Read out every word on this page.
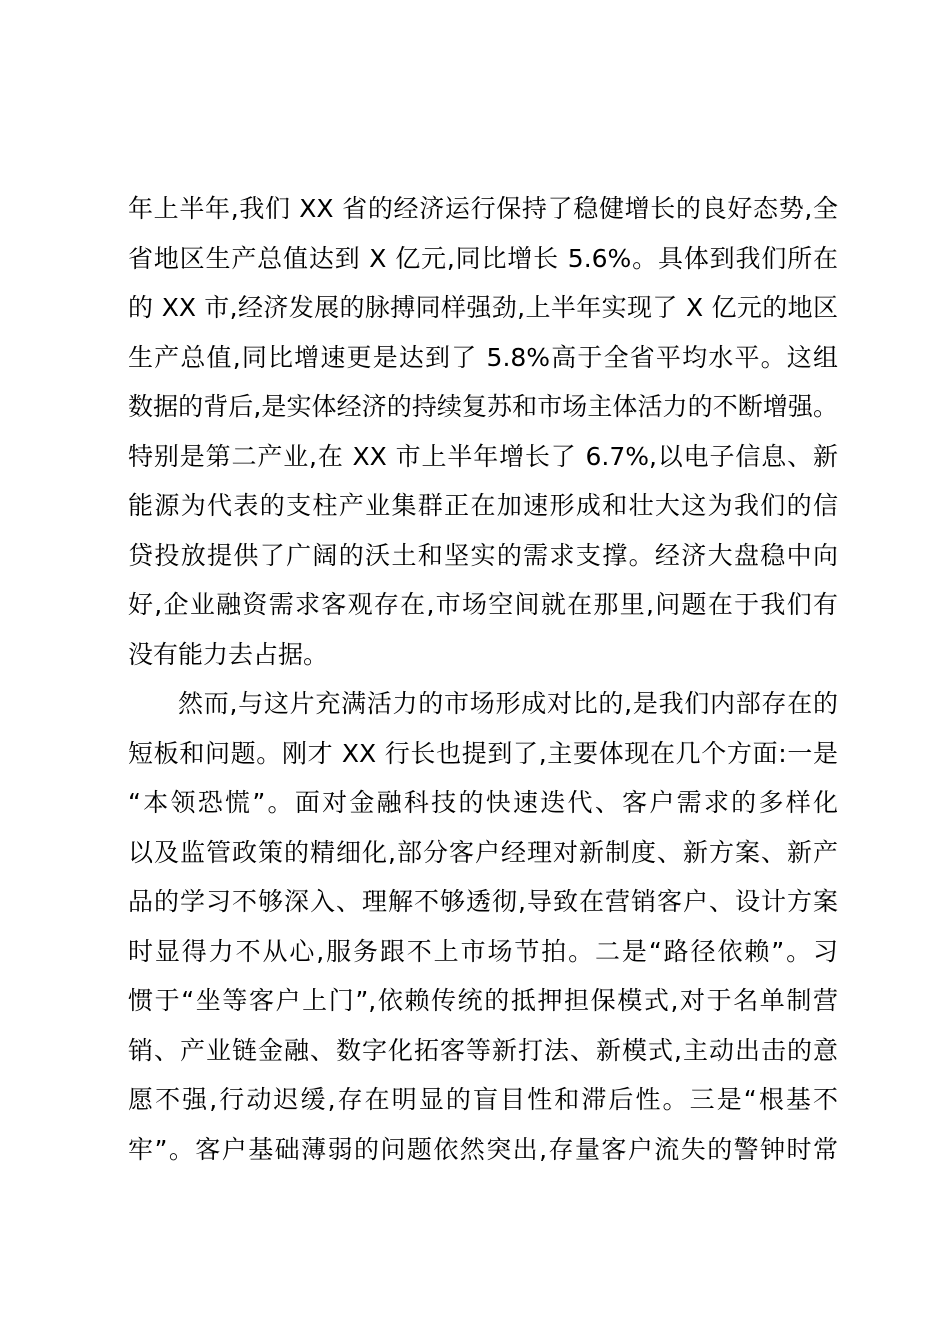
年上半年,我们 XX 省的经济运行保持了稳健增长的良好态势,全
省地区生产总值达到 X 亿元,同比增长 5.6%。具体到我们所在
的 XX 市,经济发展的脉搏同样强劲,上半年实现了 X 亿元的地区
生产总值,同比增速更是达到了 5.8%高于全省平均水平。这组
数据的背后,是实体经济的持续复苏和市场主体活力的不断增强。
特别是第二产业,在 XX 市上半年增长了 6.7%,以电子信息、新
能源为代表的支柱产业集群正在加速形成和壮大这为我们的信
贷投放提供了广阔的沃土和坚实的需求支撑。经济大盘稳中向
好,企业融资需求客观存在,市场空间就在那里,问题在于我们有
没有能力去占据。
然而,与这片充满活力的市场形成对比的,是我们内部存在的
短板和问题。刚才 XX 行长也提到了,主要体现在几个方面:一是
“本领恐慌”。面对金融科技的快速迭代、客户需求的多样化
以及监管政策的精细化,部分客户经理对新制度、新方案、新产
品的学习不够深入、理解不够透彻,导致在营销客户、设计方案
时显得力不从心,服务跟不上市场节拍。二是“路径依赖”。习
惯于“坐等客户上门”,依赖传统的抵押担保模式,对于名单制营
销、产业链金融、数字化拓客等新打法、新模式,主动出击的意
愿不强,行动迟缓,存在明显的盲目性和滞后性。三是“根基不
牢”。客户基础薄弱的问题依然突出,存量客户流失的警钟时常
